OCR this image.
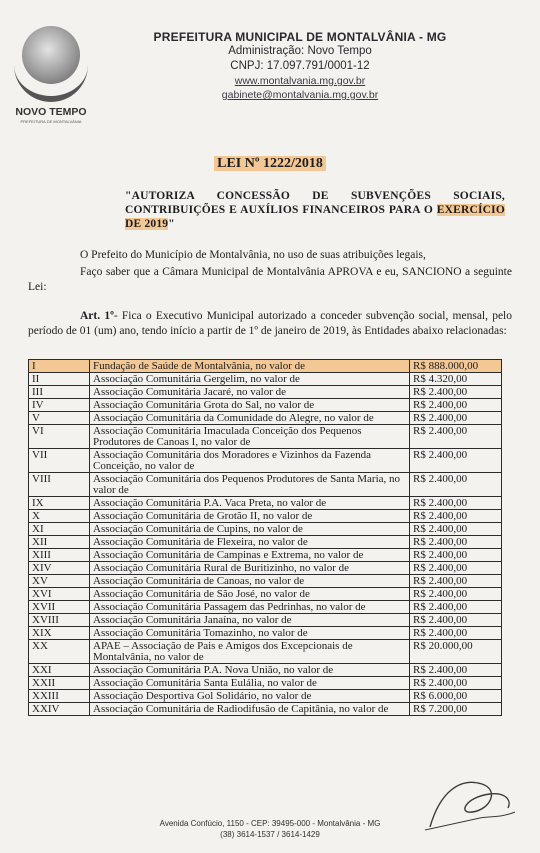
NOVO TEMPO
PREFEITURA DE MONTALVÂNIA
PREFEITURA MUNICIPAL DE MONTALVÂNIA - MG
Administração: Novo Tempo
CNPJ: 17.097.791/0001-12
www.montalvania.mg.gov.br
gabinete@montalvania.mg.gov.br
LEI Nº 1222/2018
"AUTORIZA CONCESSÃO DE SUBVENÇÕES SOCIAIS, CONTRIBUIÇÕES E AUXÍLIOS FINANCEIROS PARA O EXERCÍCIO DE 2019"
O Prefeito do Município de Montalvânia, no uso de suas atribuições legais,
Faço saber que a Câmara Municipal de Montalvânia APROVA e eu, SANCIONO a seguinte Lei:
Art. 1º- Fica o Executivo Municipal autorizado a conceder subvenção social, mensal, pelo período de 01 (um) ano, tendo início a partir de 1º de janeiro de 2019, às Entidades abaixo relacionadas:
I	Fundação de Saúde de Montalvânia, no valor de	R$ 888.000,00
II	Associação Comunitária Gergelim, no valor de	R$ 4.320,00
III	Associação Comunitária Jacaré, no valor de	R$ 2.400,00
IV	Associação Comunitária Grota do Sal, no valor de	R$ 2.400,00
V	Associação Comunitária da Comunidade do Alegre, no valor de	R$ 2.400,00
VI	Associação Comunitária Imaculada Conceição dos Pequenos Produtores de Canoas I, no valor de	R$ 2.400,00
VII	Associação Comunitária dos Moradores e Vizinhos da Fazenda Conceição, no valor de	R$ 2.400,00
VIII	Associação Comunitária dos Pequenos Produtores de Santa Maria, no valor de	R$ 2.400,00
IX	Associação Comunitária P.A. Vaca Preta, no valor de	R$ 2.400,00
X	Associação Comunitária de Grotão II, no valor de	R$ 2.400,00
XI	Associação Comunitária de Cupins, no valor de	R$ 2.400,00
XII	Associação Comunitária de Flexeira, no valor de	R$ 2.400,00
XIII	Associação Comunitária de Campinas e Extrema, no valor de	R$ 2.400,00
XIV	Associação Comunitária Rural de Buritizinho, no valor de	R$ 2.400,00
XV	Associação Comunitária de Canoas, no valor de	R$ 2.400,00
XVI	Associação Comunitária de São José, no valor de	R$ 2.400,00
XVII	Associação Comunitária Passagem das Pedrinhas, no valor de	R$ 2.400,00
XVIII	Associação Comunitária Janaína, no valor de	R$ 2.400,00
XIX	Associação Comunitária Tomazinho, no valor de	R$ 2.400,00
XX	APAE – Associação de Pais e Amigos dos Excepcionais de Montalvânia, no valor de	R$ 20.000,00
XXI	Associação Comunitária P.A. Nova União, no valor de	R$ 2.400,00
XXII	Associação Comunitária Santa Eulália, no valor de	R$ 2.400,00
XXIII	Associação Desportiva Gol Solidário, no valor de	R$ 6.000,00
XXIV	Associação Comunitária de Radiodifusão de Capitânia, no valor de	R$ 7.200,00
Avenida Confúcio, 1150 - CEP: 39495-000 - Montalvânia - MG
(38) 3614-1537 / 3614-1429
